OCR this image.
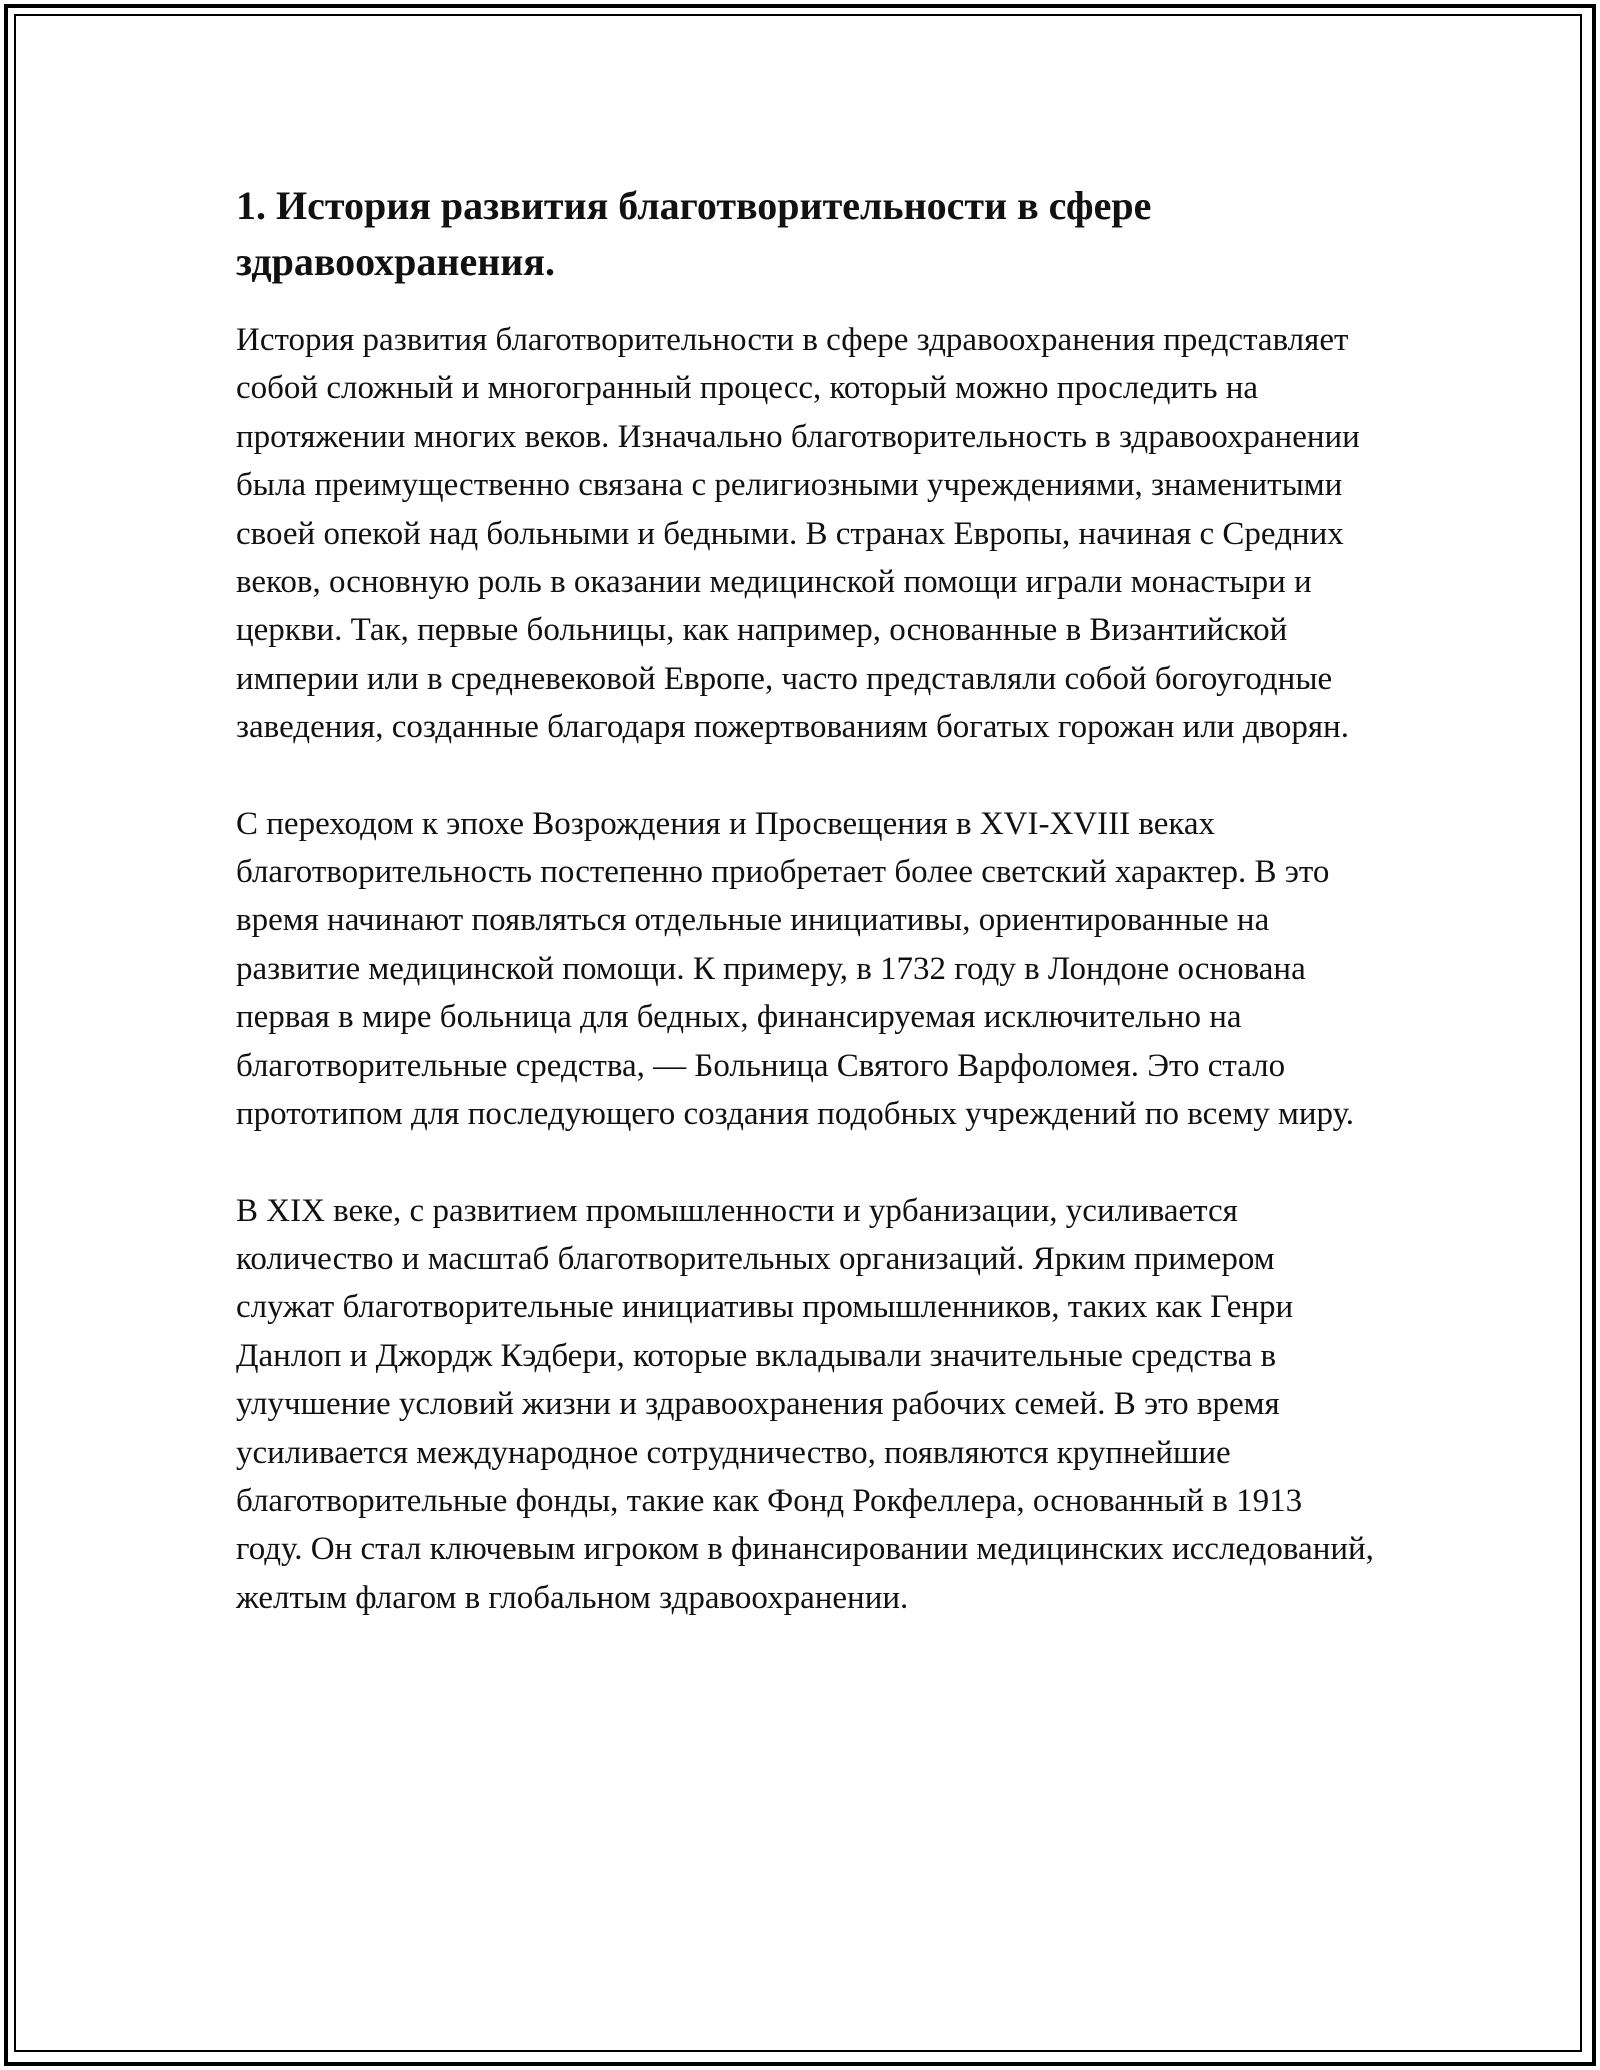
1. История развития благотворительности в сфере здравоохранения.

История развития благотворительности в сфере здравоохранения представляет собой сложный и многогранный процесс, который можно проследить на протяжении многих веков. Изначально благотворительность в здравоохранении была преимущественно связана с религиозными учреждениями, знаменитыми своей опекой над больными и бедными. В странах Европы, начиная с Средних веков, основную роль в оказании медицинской помощи играли монастыри и церкви. Так, первые больницы, как например, основанные в Византийской империи или в средневековой Европе, часто представляли собой богоугодные заведения, созданные благодаря пожертвованиям богатых горожан или дворян.

С переходом к эпохе Возрождения и Просвещения в XVI-XVIII веках благотворительность постепенно приобретает более светский характер. В это время начинают появляться отдельные инициативы, ориентированные на развитие медицинской помощи. К примеру, в 1732 году в Лондоне основана первая в мире больница для бедных, финансируемая исключительно на благотворительные средства, — Больница Святого Варфоломея. Это стало прототипом для последующего создания подобных учреждений по всему миру.

В XIX веке, с развитием промышленности и урбанизации, усиливается количество и масштаб благотворительных организаций. Ярким примером служат благотворительные инициативы промышленников, таких как Генри Данлоп и Джордж Кэдбери, которые вкладывали значительные средства в улучшение условий жизни и здравоохранения рабочих семей. В это время усиливается международное сотрудничество, появляются крупнейшие благотворительные фонды, такие как Фонд Рокфеллера, основанный в 1913 году. Он стал ключевым игроком в финансировании медицинских исследований, желтым флагом в глобальном здравоохранении.
